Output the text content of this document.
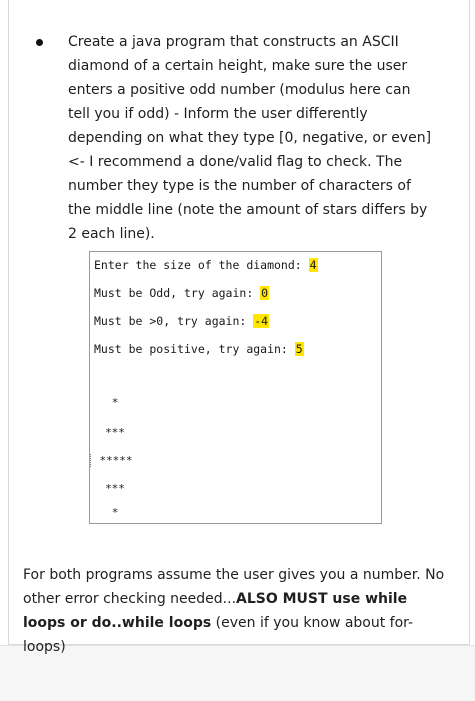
Create a java program that constructs an ASCII diamond of a certain height, make sure the user enters a positive odd number (modulus here can tell you if odd) - Inform the user differently depending on what they type [0, negative, or even] <- I recommend a done/valid flag to check. The number they type is the number of characters of the middle line (note the amount of stars differs by 2 each line).
Enter the size of the diamond: 4
Must be Odd, try again: 0
Must be >0, try again: -4
Must be positive, try again: 5
*
***
*****
***
*
For both programs assume the user gives you a number. No other error checking needed...ALSO MUST use while loops or do..while loops (even if you know about for-loops)
